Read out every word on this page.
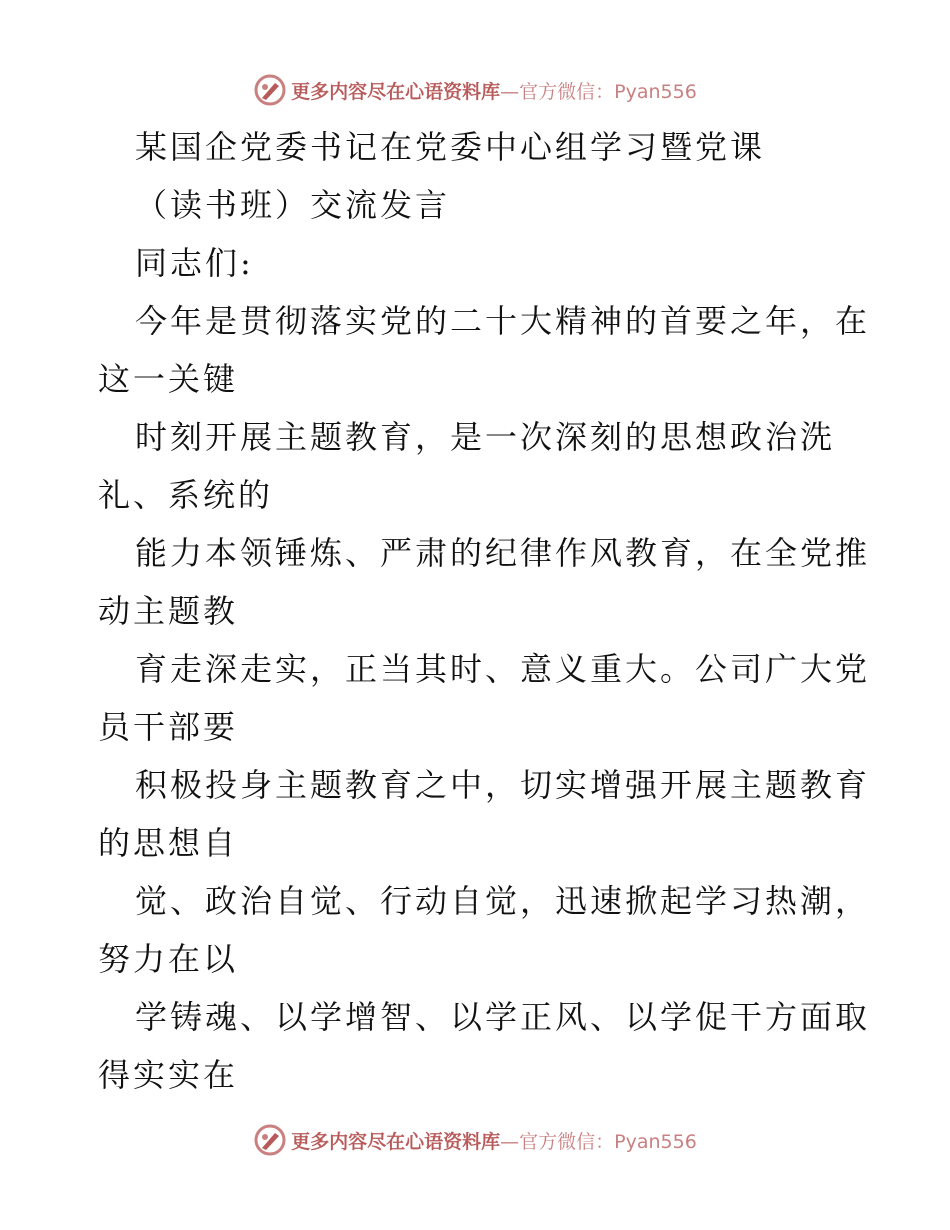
更多内容尽在心语资料库—官方微信：Pyan556
某国企党委书记在党委中心组学习暨党课
（读书班）交流发言
同志们:
今年是贯彻落实党的二十大精神的首要之年，在
这一关键
时刻开展主题教育，是一次深刻的思想政治洗
礼、系统的
能力本领锤炼、严肃的纪律作风教育，在全党推
动主题教
育走深走实，正当其时、意义重大。公司广大党
员干部要
积极投身主题教育之中，切实增强开展主题教育
的思想自
觉、政治自觉、行动自觉，迅速掀起学习热潮，
努力在以
学铸魂、以学增智、以学正风、以学促干方面取
得实实在
更多内容尽在心语资料库—官方微信：Pyan556
